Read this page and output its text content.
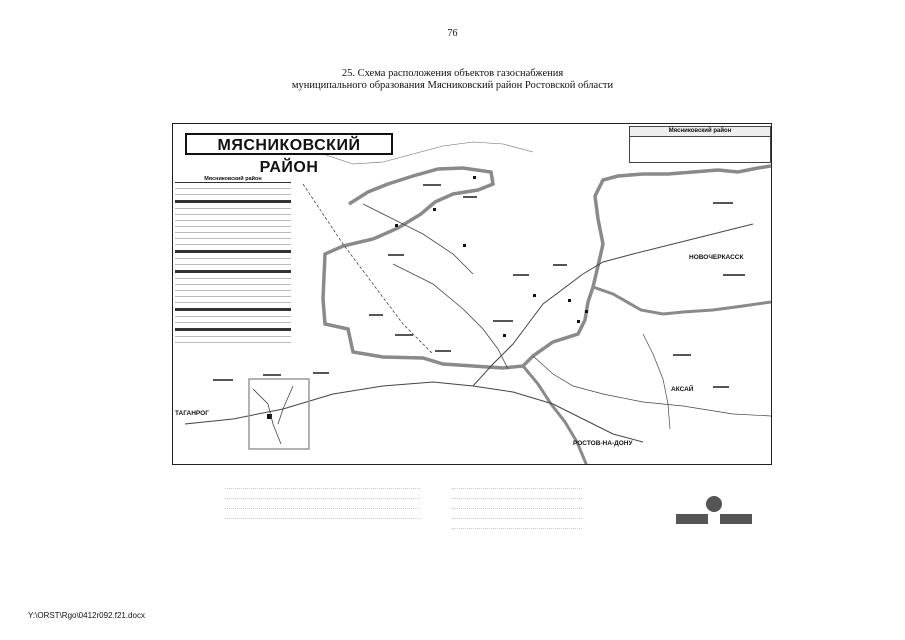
76
25. Схема расположения объектов газоснабжения
муниципального образования Мясниковский район Ростовской области
МЯСНИКОВСКИЙ РАЙОН
Мясниковский район
Мясниковский район
ТАГАНРОГ
РОСТОВ-НА-ДОНУ
АКСАЙ
НОВОЧЕРКАССК
Y:\ORST\Rgo\0412r092.f21.docx
